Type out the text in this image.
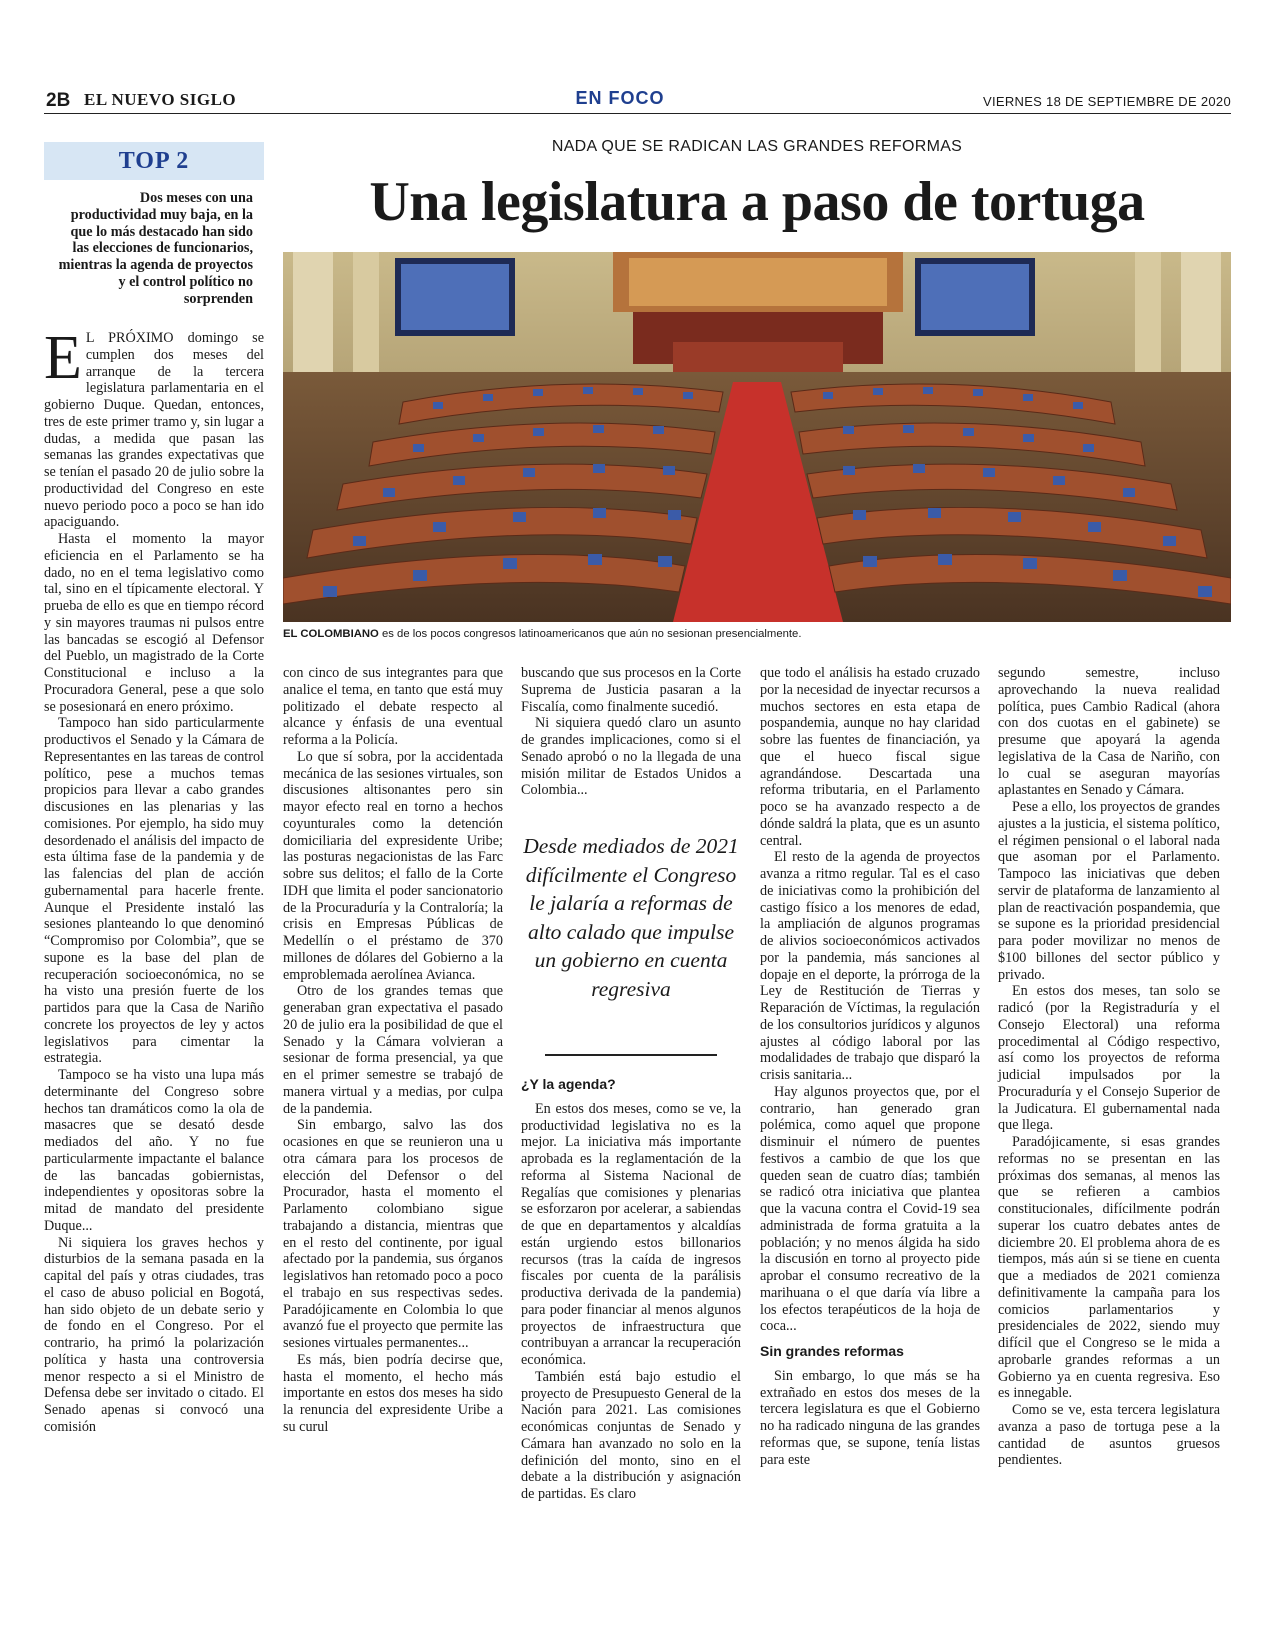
2B EL NUEVO SIGLO	EN FOCO	VIERNES 18 DE SEPTIEMBRE DE 2020
TOP 2
Dos meses con una productividad muy baja, en la que lo más destacado han sido las elecciones de funcionarios, mientras la agenda de proyectos y el control político no sorprenden
NADA QUE SE RADICAN LAS GRANDES REFORMAS
Una legislatura a paso de tortuga
EL COLOMBIANO es de los pocos congresos latinoamericanos que aún no sesionan presencialmente.

E L PRÓXIMO domingo se cumplen dos meses del arranque de la tercera legislatura parlamentaria en el gobierno Duque. Quedan, entonces, tres de este primer tramo y, sin lugar a dudas, a medida que pasan las semanas las grandes expectativas que se tenían el pasado 20 de julio sobre la productividad del Congreso en este nuevo periodo poco a poco se han ido apaciguando.

Hasta el momento la mayor eficiencia en el Parlamento se ha dado, no en el tema legislativo como tal, sino en el típicamente electoral. Y prueba de ello es que en tiempo récord y sin mayores traumas ni pulsos entre las bancadas se escogió al Defensor del Pueblo, un magistrado de la Corte Constitucional e incluso a la Procuradora General, pese a que solo se posesionará en enero próximo.

Tampoco han sido particularmente productivos el Senado y la Cámara de Representantes en las tareas de control político, pese a muchos temas propicios para llevar a cabo grandes discusiones en las plenarias y las comisiones. Por ejemplo, ha sido muy desordenado el análisis del impacto de esta última fase de la pandemia y de las falencias del plan de acción gubernamental para hacerle frente. Aunque el Presidente instaló las sesiones planteando lo que denominó “Compromiso por Colombia”, que se supone es la base del plan de recuperación socioeconómica, no se ha visto una presión fuerte de los partidos para que la Casa de Nariño concrete los proyectos de ley y actos legislativos para cimentar la estrategia.

Tampoco se ha visto una lupa más determinante del Congreso sobre hechos tan dramáticos como la ola de masacres que se desató desde mediados del año. Y no fue particularmente impactante el balance de las bancadas gobiernistas, independientes y opositoras sobre la mitad de mandato del presidente Duque...

Ni siquiera los graves hechos y disturbios de la semana pasada en la capital del país y otras ciudades, tras el caso de abuso policial en Bogotá, han sido objeto de un debate serio y de fondo en el Congreso. Por el contrario, ha primó la polarización política y hasta una controversia menor respecto a si el Ministro de Defensa debe ser invitado o citado. El Senado apenas si convocó una comisión

con cinco de sus integrantes para que analice el tema, en tanto que está muy politizado el debate respecto al alcance y énfasis de una eventual reforma a la Policía.

Lo que sí sobra, por la accidentada mecánica de las sesiones virtuales, son discusiones altisonantes pero sin mayor efecto real en torno a hechos coyunturales como la detención domiciliaria del expresidente Uribe; las posturas negacionistas de las Farc sobre sus delitos; el fallo de la Corte IDH que limita el poder sancionatorio de la Procuraduría y la Contraloría; la crisis en Empresas Públicas de Medellín o el préstamo de 370 millones de dólares del Gobierno a la emproblemada aerolínea Avianca.

Otro de los grandes temas que generaban gran expectativa el pasado 20 de julio era la posibilidad de que el Senado y la Cámara volvieran a sesionar de forma presencial, ya que en el primer semestre se trabajó de manera virtual y a medias, por culpa de la pandemia.

Sin embargo, salvo las dos ocasiones en que se reunieron una u otra cámara para los procesos de elección del Defensor o del Procurador, hasta el momento el Parlamento colombiano sigue trabajando a distancia, mientras que en el resto del continente, por igual afectado por la pandemia, sus órganos legislativos han retomado poco a poco el trabajo en sus respectivas sedes. Paradójicamente en Colombia lo que avanzó fue el proyecto que permite las sesiones virtuales permanentes...

Es más, bien podría decirse que, hasta el momento, el hecho más importante en estos dos meses ha sido la renuncia del expresidente Uribe a su curul

buscando que sus procesos en la Corte Suprema de Justicia pasaran a la Fiscalía, como finalmente sucedió.

Ni siquiera quedó claro un asunto de grandes implicaciones, como si el Senado aprobó o no la llegada de una misión militar de Estados Unidos a Colombia...

Desde mediados de 2021 difícilmente el Congreso le jalaría a reformas de alto calado que impulse un gobierno en cuenta regresiva

¿Y la agenda?

En estos dos meses, como se ve, la productividad legislativa no es la mejor. La iniciativa más importante aprobada es la reglamentación de la reforma al Sistema Nacional de Regalías que comisiones y plenarias se esforzaron por acelerar, a sabiendas de que en departamentos y alcaldías están urgiendo estos billonarios recursos (tras la caída de ingresos fiscales por cuenta de la parálisis productiva derivada de la pandemia) para poder financiar al menos algunos proyectos de infraestructura que contribuyan a arrancar la recuperación económica.

También está bajo estudio el proyecto de Presupuesto General de la Nación para 2021. Las comisiones económicas conjuntas de Senado y Cámara han avanzado no solo en la definición del monto, sino en el debate a la distribución y asignación de partidas. Es claro

que todo el análisis ha estado cruzado por la necesidad de inyectar recursos a muchos sectores en esta etapa de pospandemia, aunque no hay claridad sobre las fuentes de financiación, ya que el hueco fiscal sigue agrandándose. Descartada una reforma tributaria, en el Parlamento poco se ha avanzado respecto a de dónde saldrá la plata, que es un asunto central.

El resto de la agenda de proyectos avanza a ritmo regular. Tal es el caso de iniciativas como la prohibición del castigo físico a los menores de edad, la ampliación de algunos programas de alivios socioeconómicos activados por la pandemia, más sanciones al dopaje en el deporte, la prórroga de la Ley de Restitución de Tierras y Reparación de Víctimas, la regulación de los consultorios jurídicos y algunos ajustes al código laboral por las modalidades de trabajo que disparó la crisis sanitaria...

Hay algunos proyectos que, por el contrario, han generado gran polémica, como aquel que propone disminuir el número de puentes festivos a cambio de que los que queden sean de cuatro días; también se radicó otra iniciativa que plantea que la vacuna contra el Covid-19 sea administrada de forma gratuita a la población; y no menos álgida ha sido la discusión en torno al proyecto pide aprobar el consumo recreativo de la marihuana o el que daría vía libre a los efectos terapéuticos de la hoja de coca...

Sin grandes reformas

Sin embargo, lo que más se ha extrañado en estos dos meses de la tercera legislatura es que el Gobierno no ha radicado ninguna de las grandes reformas que, se supone, tenía listas para este

segundo semestre, incluso aprovechando la nueva realidad política, pues Cambio Radical (ahora con dos cuotas en el gabinete) se presume que apoyará la agenda legislativa de la Casa de Nariño, con lo cual se aseguran mayorías aplastantes en Senado y Cámara.

Pese a ello, los proyectos de grandes ajustes a la justicia, el sistema político, el régimen pensional o el laboral nada que asoman por el Parlamento. Tampoco las iniciativas que deben servir de plataforma de lanzamiento al plan de reactivación pospandemia, que se supone es la prioridad presidencial para poder movilizar no menos de $100 billones del sector público y privado.

En estos dos meses, tan solo se radicó (por la Registraduría y el Consejo Electoral) una reforma procedimental al Código respectivo, así como los proyectos de reforma judicial impulsados por la Procuraduría y el Consejo Superior de la Judicatura. El gubernamental nada que llega.

Paradójicamente, si esas grandes reformas no se presentan en las próximas dos semanas, al menos las que se refieren a cambios constitucionales, difícilmente podrán superar los cuatro debates antes de diciembre 20. El problema ahora de es tiempos, más aún si se tiene en cuenta que a mediados de 2021 comienza definitivamente la campaña para los comicios parlamentarios y presidenciales de 2022, siendo muy difícil que el Congreso se le mida a aprobarle grandes reformas a un Gobierno ya en cuenta regresiva. Eso es innegable.

Como se ve, esta tercera legislatura avanza a paso de tortuga pese a la cantidad de asuntos gruesos pendientes.
